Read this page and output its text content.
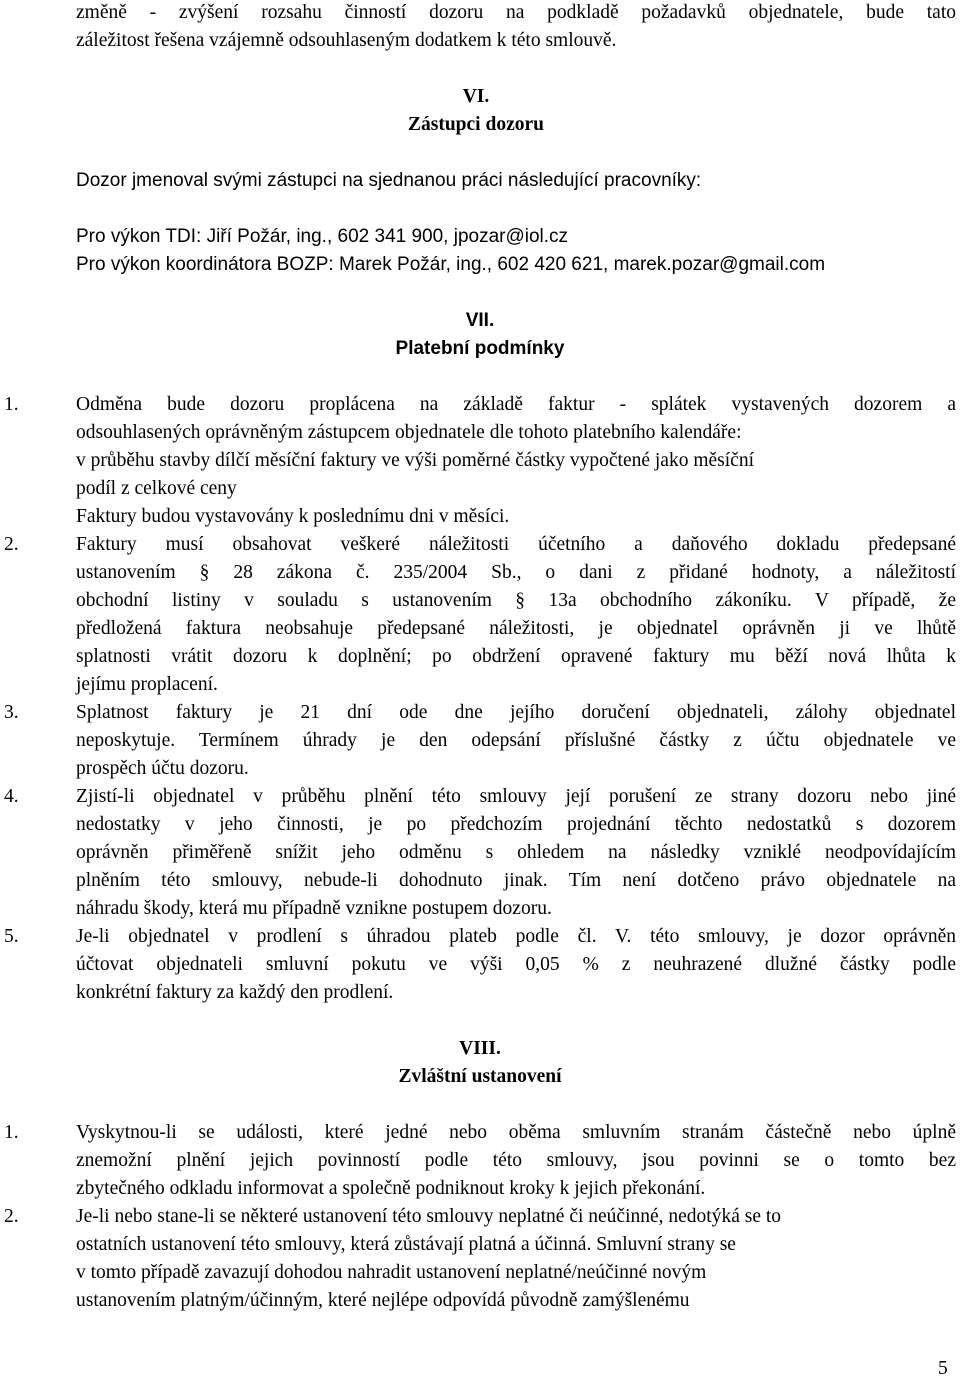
změně - zvýšení rozsahu činností dozoru na podkladě požadavků objednatele, bude tato
záležitost řešena vzájemně odsouhlaseným dodatkem k této smlouvě.
VI.
Zástupci dozoru
Dozor jmenoval svými zástupci na sjednanou práci následující pracovníky:
Pro výkon TDI: Jiří Požár, ing., 602 341 900, jpozar@iol.cz
Pro výkon koordinátora BOZP: Marek Požár, ing., 602 420 621, marek.pozar@gmail.com
VII.
Platební podmínky
1.	Odměna bude dozoru proplácena na základě faktur - splátek vystavených dozorem a
odsouhlasených oprávněným zástupcem objednatele dle tohoto platebního kalendáře:
v průběhu stavby dílčí měsíční faktury ve výši poměrné částky vypočtené jako měsíční
podíl z celkové ceny
Faktury budou vystavovány k poslednímu dni v měsíci.
2.	Faktury musí obsahovat veškeré náležitosti účetního a daňového dokladu předepsané
ustanovením § 28 zákona č. 235/2004 Sb., o dani z přidané hodnoty, a náležitostí
obchodní listiny v souladu s ustanovením § 13a obchodního zákoníku. V případě, že
předložená faktura neobsahuje předepsané náležitosti, je objednatel oprávněn ji ve lhůtě
splatnosti vrátit dozoru k doplnění; po obdržení opravené faktury mu běží nová lhůta k
jejímu proplacení.
3.	Splatnost faktury je 21 dní ode dne jejího doručení objednateli, zálohy objednatel
neposkytuje. Termínem úhrady je den odepsání příslušné částky z účtu objednatele ve
prospěch účtu dozoru.
4.	Zjistí-li objednatel v průběhu plnění této smlouvy její porušení ze strany dozoru nebo jiné
nedostatky v jeho činnosti, je po předchozím projednání těchto nedostatků s dozorem
oprávněn přiměřeně snížit jeho odměnu s ohledem na následky vzniklé neodpovídajícím
plněním této smlouvy, nebude-li dohodnuto jinak. Tím není dotčeno právo objednatele na
náhradu škody, která mu případně vznikne postupem dozoru.
5.	Je-li objednatel v prodlení s úhradou plateb podle čl. V. této smlouvy, je dozor oprávněn
účtovat objednateli smluvní pokutu ve výši 0,05 % z neuhrazené dlužné částky podle
konkrétní faktury za každý den prodlení.
VIII.
Zvláštní ustanovení
1.	Vyskytnou-li se události, které jedné nebo oběma smluvním stranám částečně nebo úplně
znemožní plnění jejich povinností podle této smlouvy, jsou povinni se o tomto bez
zbytečného odkladu informovat a společně podniknout kroky k jejich překonání.
2.	Je-li nebo stane-li se některé ustanovení této smlouvy neplatné či neúčinné, nedotýká se to
ostatních ustanovení této smlouvy, která zůstávají platná a účinná. Smluvní strany se
v tomto případě zavazují dohodou nahradit ustanovení neplatné/neúčinné novým
ustanovením platným/účinným, které nejlépe odpovídá původně zamýšlenému
5
